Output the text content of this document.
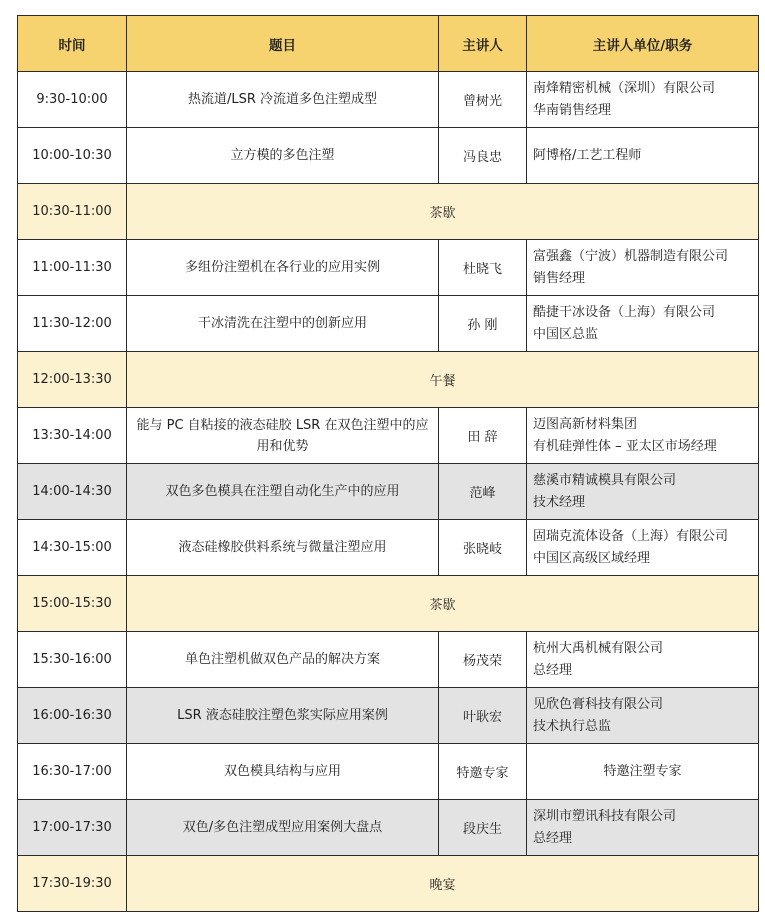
时间	题目	主讲人	主讲人单位/职务
9:30-10:00	热流道/LSR 冷流道多色注塑成型	曾树光	南烽精密机械（深圳）有限公司
华南销售经理

10:00-10:30	立方模的多色注塑	冯良忠	阿博格/工艺工程师

10:30-11:00	茶歇		
11:00-11:30	多组份注塑机在各行业的应用实例	杜晓飞	富强鑫（宁波）机器制造有限公司
销售经理

11:30-12:00	干冰清洗在注塑中的创新应用	孙 刚	酷捷干冰设备（上海）有限公司
中国区总监

12:00-13:30	午餐		
13:30-14:00	能与 PC 自粘接的液态硅胶 LSR 在双色注塑中的应用和优势	田 辞	迈图高新材料集团
有机硅弹性体 – 亚太区市场经理

14:00-14:30	双色多色模具在注塑自动化生产中的应用	范峰	慈溪市精诚模具有限公司
技术经理

14:30-15:00	液态硅橡胶供料系统与微量注塑应用	张晓岐	固瑞克流体设备（上海）有限公司
中国区高级区域经理

15:00-15:30	茶歇		
15:30-16:00	单色注塑机做双色产品的解决方案	杨茂荣	杭州大禹机械有限公司
总经理

16:00-16:30	LSR 液态硅胶注塑色浆实际应用案例	叶耿宏	见欣色膏科技有限公司
技术执行总监

16:30-17:00	双色模具结构与应用	特邀专家	特邀注塑专家

17:00-17:30	双色/多色注塑成型应用案例大盘点	段庆生	深圳市塑讯科技有限公司
总经理

17:30-19:30	晚宴		
